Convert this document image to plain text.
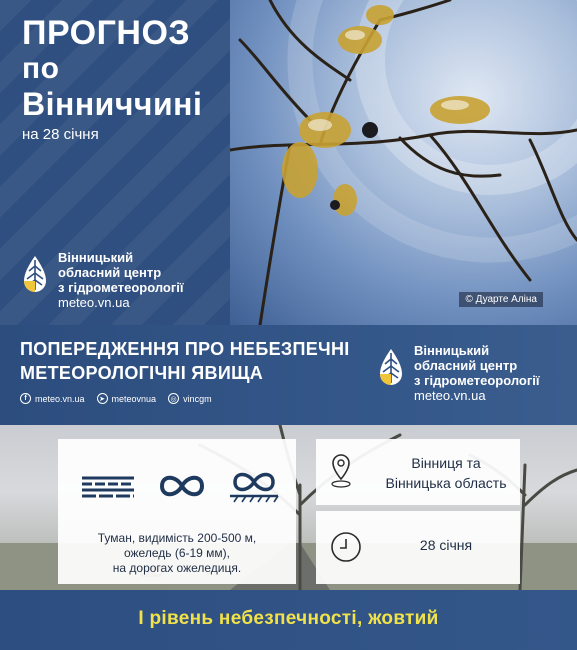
ПРОГНОЗ
по
Вінниччині
на 28 січня
Вінницький
обласний центр
з гідрометеорології
meteo.vn.ua	© Дуарте Аліна
ПОПЕРЕДЖЕННЯ ПРО НЕБЕЗПЕЧНІ
МЕТЕОРОЛОГІЧНІ ЯВИЩА
f meteo.vn.ua	➤ meteovnua	◎ vincgm
Вінницький
обласний центр
з гідрометеорології
meteo.vn.ua
Туман, видимість 200-500 м,
ожеледь (6-19 мм),
на дорогах ожеледиця.
Вінниця та
Вінницька область
28 січня
І рівень небезпечності, жовтий
